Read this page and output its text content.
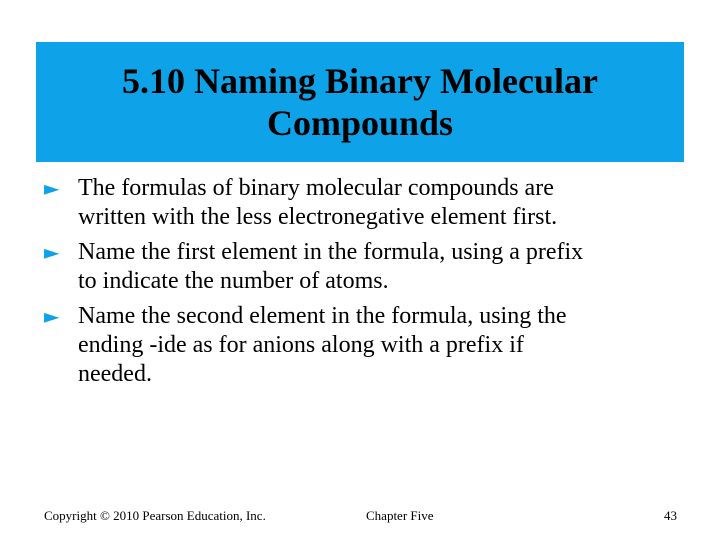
5.10 Naming Binary Molecular
Compounds
► The formulas of binary molecular compounds are
written with the less electronegative element first.
► Name the first element in the formula, using a prefix
to indicate the number of atoms.
► Name the second element in the formula, using the
ending -ide as for anions along with a prefix if
needed.
Copyright © 2010 Pearson Education, Inc.	Chapter Five	43
